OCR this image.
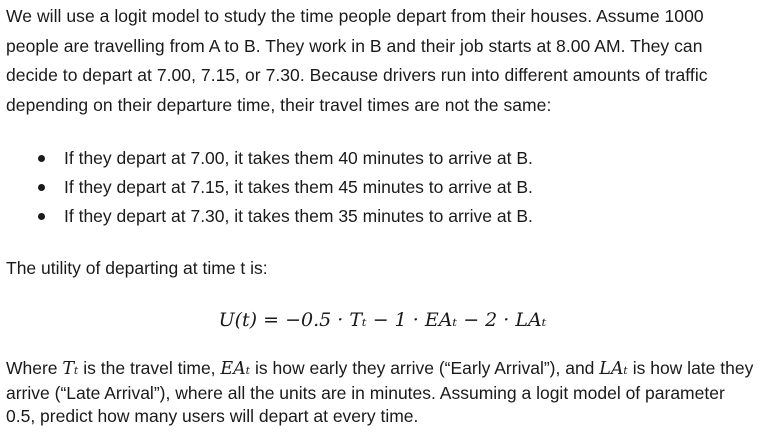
We will use a logit model to study the time people depart from their houses. Assume 1000 people are travelling from A to B. They work in B and their job starts at 8.00 AM. They can decide to depart at 7.00, 7.15, or 7.30. Because drivers run into different amounts of traffic depending on their departure time, their travel times are not the same:
If they depart at 7.00, it takes them 40 minutes to arrive at B.
If they depart at 7.15, it takes them 45 minutes to arrive at B.
If they depart at 7.30, it takes them 35 minutes to arrive at B.
The utility of departing at time t is:
U(t) = −0.5 · Tₜ − 1 · EAₜ − 2 · LAₜ
Where Tₜ is the travel time, EAₜ is how early they arrive (“Early Arrival”), and LAₜ is how late they arrive (“Late Arrival”), where all the units are in minutes. Assuming a logit model of parameter 0.5, predict how many users will depart at every time.
